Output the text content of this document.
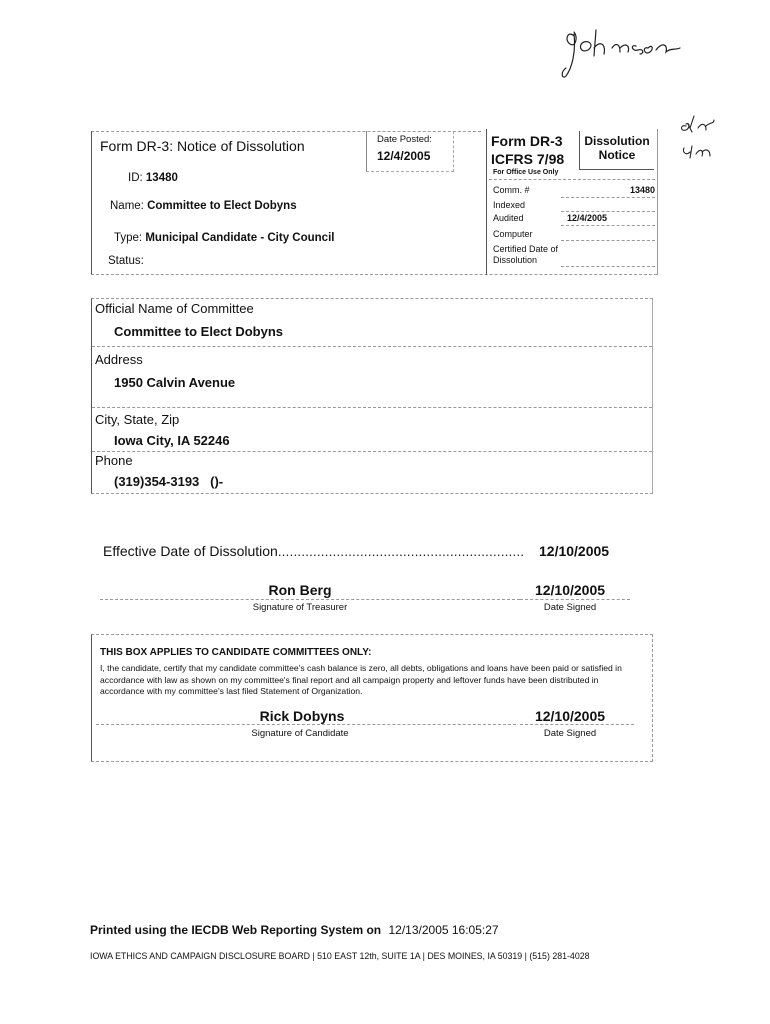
Form DR-3: Notice of Dissolution
ID: 13480
Name: Committee to Elect Dobyns
Type: Municipal Candidate - City Council
Status:
Date Posted:
12/4/2005
Form DR-3
ICFRS 7/98
Dissolution
Notice
For Office Use Only
Comm. #	13480
Indexed
Audited	12/4/2005
Computer
Certified Date of
Dissolution
Official Name of Committee
Committee to Elect Dobyns
Address
1950 Calvin Avenue
City, State, Zip
Iowa City, IA 52246
Phone
(319)354-3193   ()-
Effective Date of Dissolution............................................................... 12/10/2005
Ron Berg
Signature of Treasurer
12/10/2005
Date Signed
THIS BOX APPLIES TO CANDIDATE COMMITTEES ONLY:
I, the candidate, certify that my candidate committee's cash balance is zero, all debts, obligations and loans have been paid or satisfied in accordance with law as shown on my committee's final report and all campaign property and leftover funds have been distributed in accordance with my committee's last filed Statement of Organization.
Rick Dobyns
Signature of Candidate
12/10/2005
Date Signed
Printed using the IECDB Web Reporting System on 12/13/2005 16:05:27
IOWA ETHICS AND CAMPAIGN DISCLOSURE BOARD | 510 EAST 12th, SUITE 1A | DES MOINES, IA 50319 | (515) 281-4028
